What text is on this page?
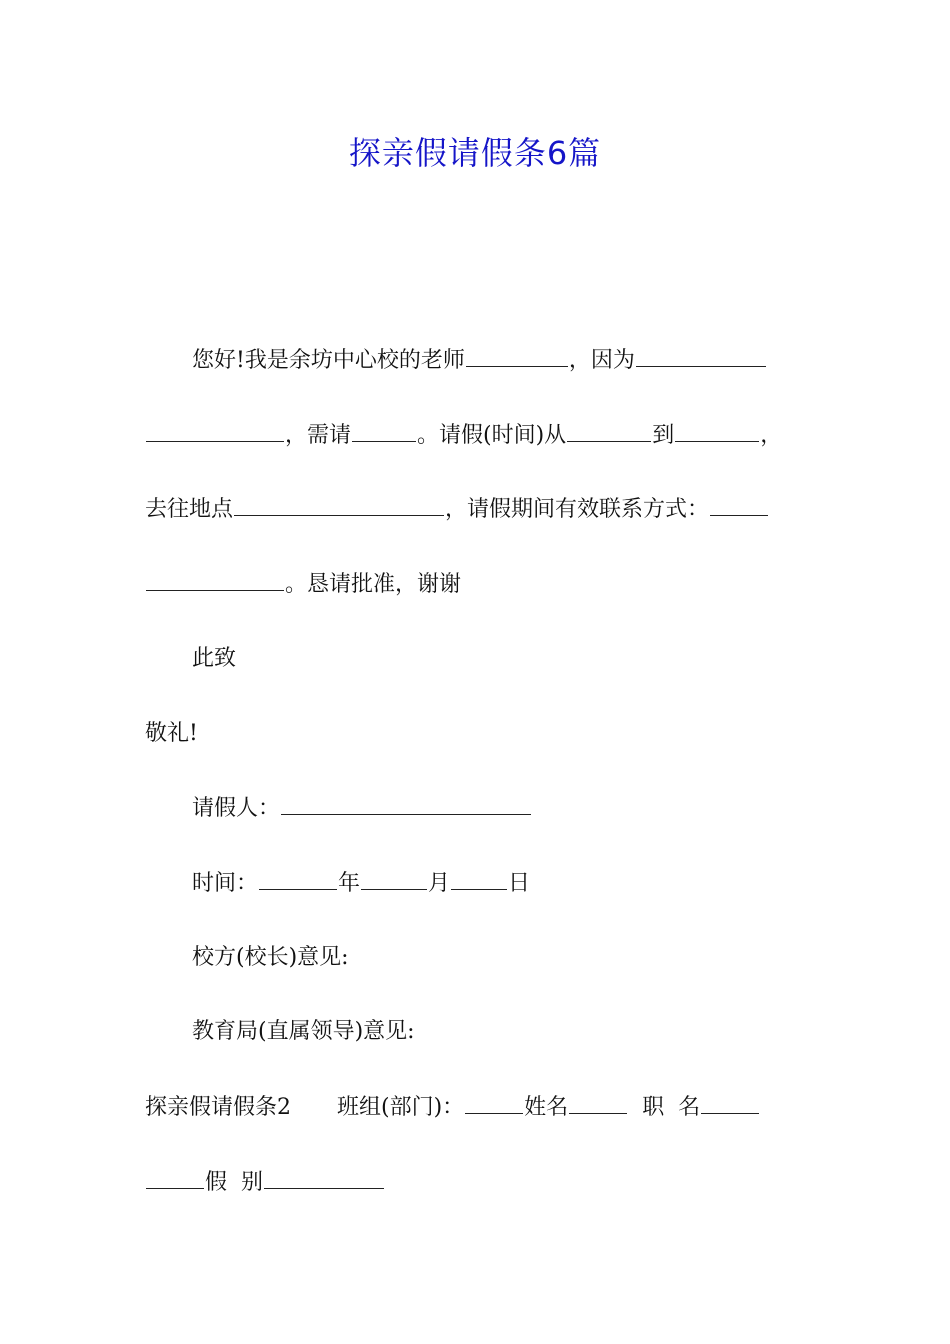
探亲假请假条6篇
您好!我是余坊中心校的老师	，因为
，需请	。请假(时间)从	到	，
去往地点	，请假期间有效联系方式：
。恳请批准，谢谢
此致
敬礼!
请假人：
时间：	年	月	日
校方(校长)意见:
教育局(直属领导)意见:
探亲假请假条2 班组(部门)：	姓名	职  名
假  别
